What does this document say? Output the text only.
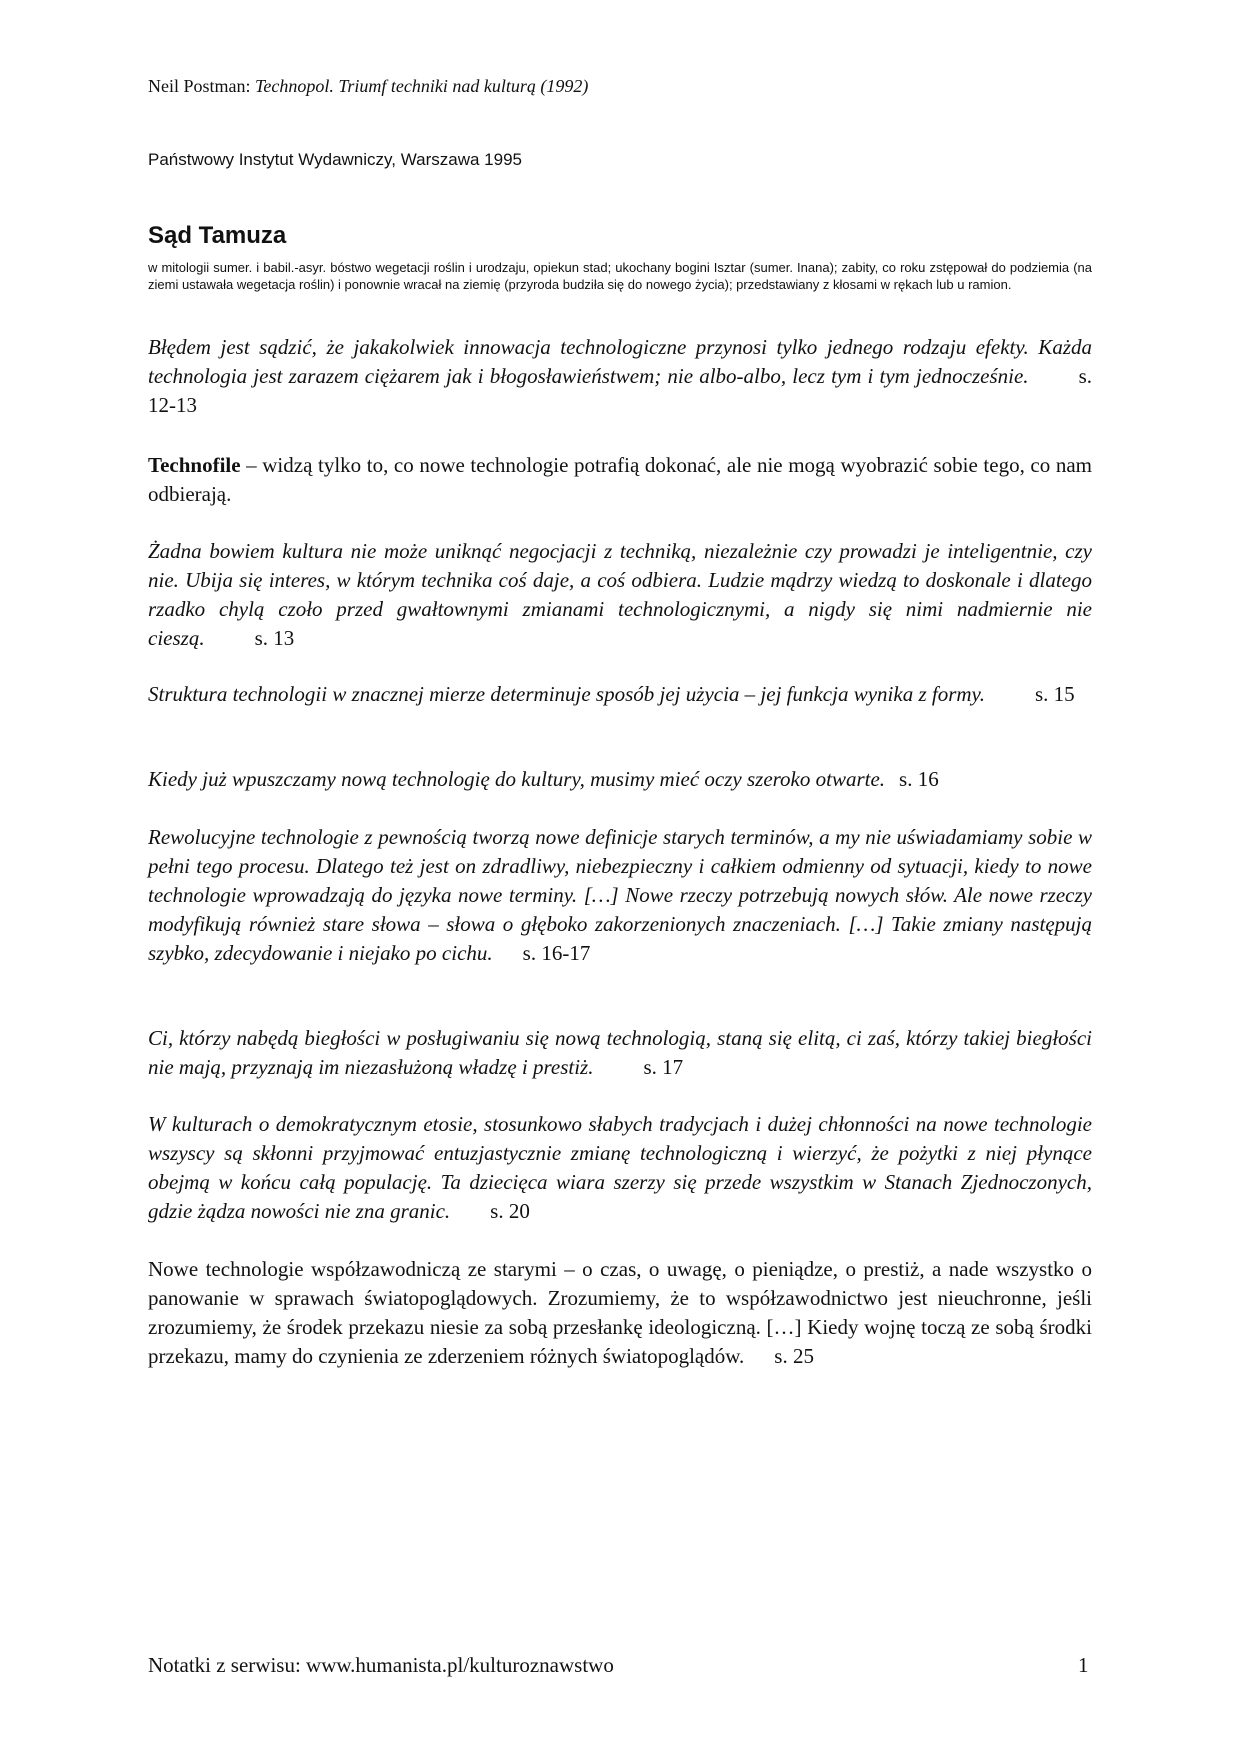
Neil Postman: Technopol. Triumf techniki nad kulturą (1992)
Państwowy Instytut Wydawniczy, Warszawa 1995
Sąd Tamuza
w mitologii sumer. i babil.-asyr. bóstwo wegetacji roślin i urodzaju, opiekun stad; ukochany bogini Isztar (sumer. Inana); zabity, co roku zstępował do podziemia (na ziemi ustawała wegetacja roślin) i ponownie wracał na ziemię (przyroda budziła się do nowego życia); przedstawiany z kłosami w rękach lub u ramion.
Błędem jest sądzić, że jakakolwiek innowacja technologiczne przynosi tylko jednego rodzaju efekty. Każda technologia jest zarazem ciężarem jak i błogosławieństwem; nie albo-albo, lecz tym i tym jednocześnie. s. 12-13
Technofile – widzą tylko to, co nowe technologie potrafią dokonać, ale nie mogą wyobrazić sobie tego, co nam odbierają.
Żadna bowiem kultura nie może uniknąć negocjacji z techniką, niezależnie czy prowadzi je inteligentnie, czy nie. Ubija się interes, w którym technika coś daje, a coś odbiera. Ludzie mądrzy wiedzą to doskonale i dlatego rzadko chylą czoło przed gwałtownymi zmianami technologicznymi, a nigdy się nimi nadmiernie nie cieszą. s. 13
Struktura technologii w znacznej mierze determinuje sposób jej użycia – jej funkcja wynika z formy. s. 15
Kiedy już wpuszczamy nową technologię do kultury, musimy mieć oczy szeroko otwarte. s. 16
Rewolucyjne technologie z pewnością tworzą nowe definicje starych terminów, a my nie uświadamiamy sobie w pełni tego procesu. Dlatego też jest on zdradliwy, niebezpieczny i całkiem odmienny od sytuacji, kiedy to nowe technologie wprowadzają do języka nowe terminy. […] Nowe rzeczy potrzebują nowych słów. Ale nowe rzeczy modyfikują również stare słowa – słowa o głęboko zakorzenionych znaczeniach. […] Takie zmiany następują szybko, zdecydowanie i niejako po cichu. s. 16-17
Ci, którzy nabędą biegłości w posługiwaniu się nową technologią, staną się elitą, ci zaś, którzy takiej biegłości nie mają, przyznają im niezasłużoną władzę i prestiż. s. 17
W kulturach o demokratycznym etosie, stosunkowo słabych tradycjach i dużej chłonności na nowe technologie wszyscy są skłonni przyjmować entuzjastycznie zmianę technologiczną i wierzyć, że pożytki z niej płynące obejmą w końcu całą populację. Ta dziecięca wiara szerzy się przede wszystkim w Stanach Zjednoczonych, gdzie żądza nowości nie zna granic. s. 20
Nowe technologie współzawodniczą ze starymi – o czas, o uwagę, o pieniądze, o prestiż, a nade wszystko o panowanie w sprawach światopoglądowych. Zrozumiemy, że to współzawodnictwo jest nieuchronne, jeśli zrozumiemy, że środek przekazu niesie za sobą przesłankę ideologiczną. […] Kiedy wojnę toczą ze sobą środki przekazu, mamy do czynienia ze zderzeniem różnych światopoglądów. s. 25
Notatki z serwisu: www.humanista.pl/kulturoznawstwo	1
